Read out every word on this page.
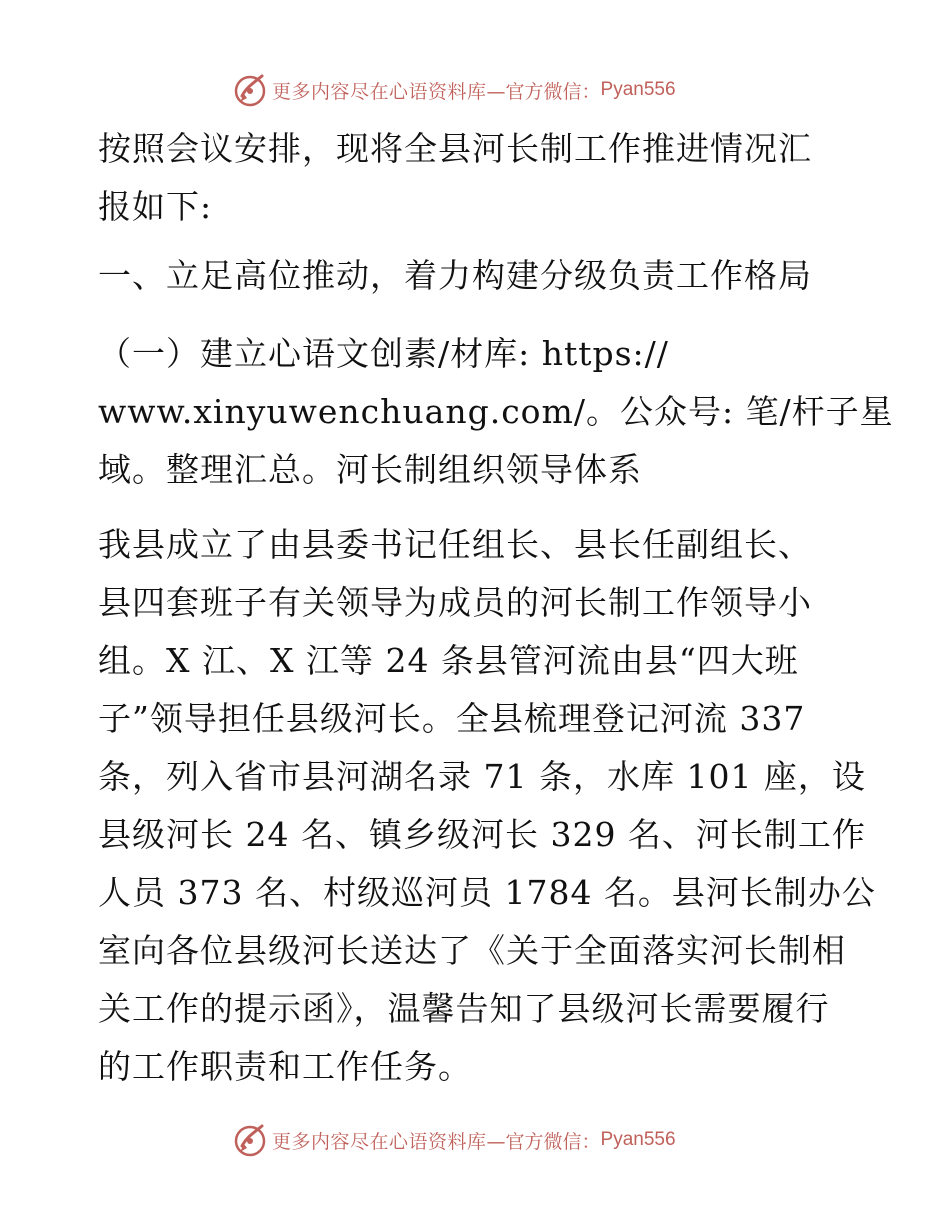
更多内容尽在心语资料库 —官方微信： Pyan556
按照会议安排，现将全县河长制工作推进情况汇
报如下:
一、立足高位推动，着力构建分级负责工作格局
（一）建立心语文创素/材库: https://
www.xinyuwenchuang.com/。公众号: 笔/杆子星
域。整理汇总。河长制组织领导体系
我县成立了由县委书记任组长、县长任副组长、
县四套班子有关领导为成员的河长制工作领导小
组。X 江、X 江等 24 条县管河流由县“四大班
子”领导担任县级河长。全县梳理登记河流 337
条，列入省市县河湖名录 71 条，水库 101 座，设
县级河长 24 名、镇乡级河长 329 名、河长制工作
人员 373 名、村级巡河员 1784 名。县河长制办公
室向各位县级河长送达了《关于全面落实河长制相
关工作的提示函》，温馨告知了县级河长需要履行
的工作职责和工作任务。
更多内容尽在心语资料库 —官方微信： Pyan556
